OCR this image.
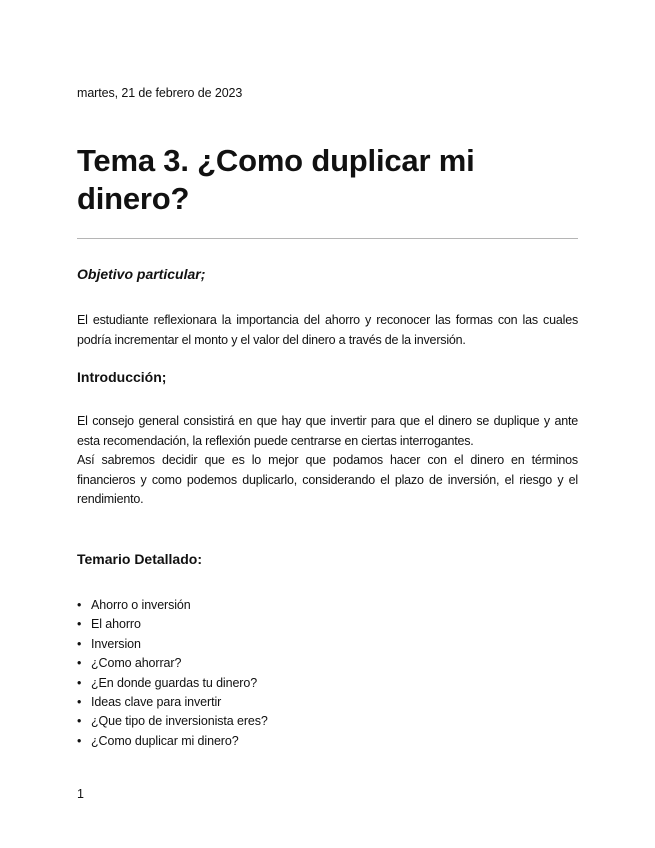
martes, 21 de febrero de 2023
Tema 3. ¿Como duplicar mi dinero?
Objetivo particular;

El estudiante reflexionara la importancia del ahorro y reconocer las formas con las cuales podría incrementar el monto y el valor del dinero a través de la inversión.

Introducción;

El consejo general consistirá en que hay que invertir para que el dinero se duplique y ante esta recomendación, la reflexión puede centrarse en ciertas interrogantes.

Así sabremos decidir que es lo mejor que podamos hacer con el dinero en términos financieros y como podemos duplicarlo, considerando el plazo de inversión, el riesgo y el rendimiento.

Temario Detallado:
• Ahorro o inversión
• El ahorro
• Inversion
• ¿Como ahorrar?
• ¿En donde guardas tu dinero?
• Ideas clave para invertir
• ¿Que tipo de inversionista eres?
• ¿Como duplicar mi dinero?
1
